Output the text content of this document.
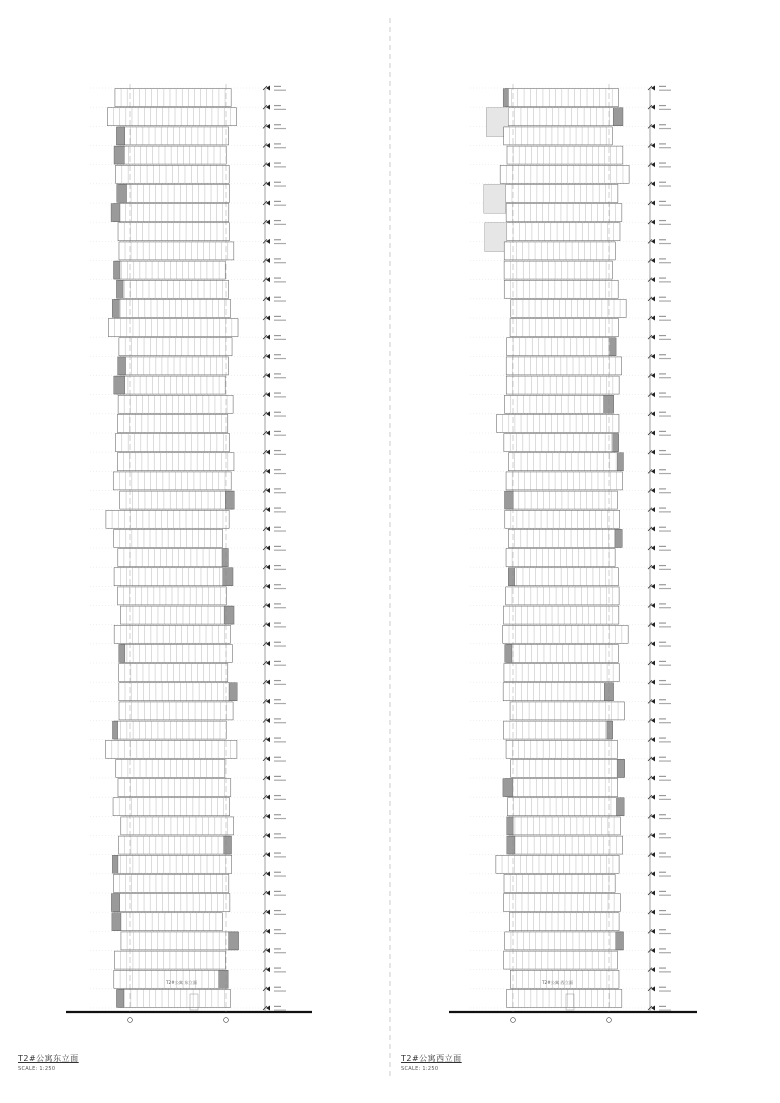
T2#公寓 东立面	T2#公寓 西立面
T2#公寓东立面
SCALE: 1:250
T2#公寓西立面
SCALE: 1:250
